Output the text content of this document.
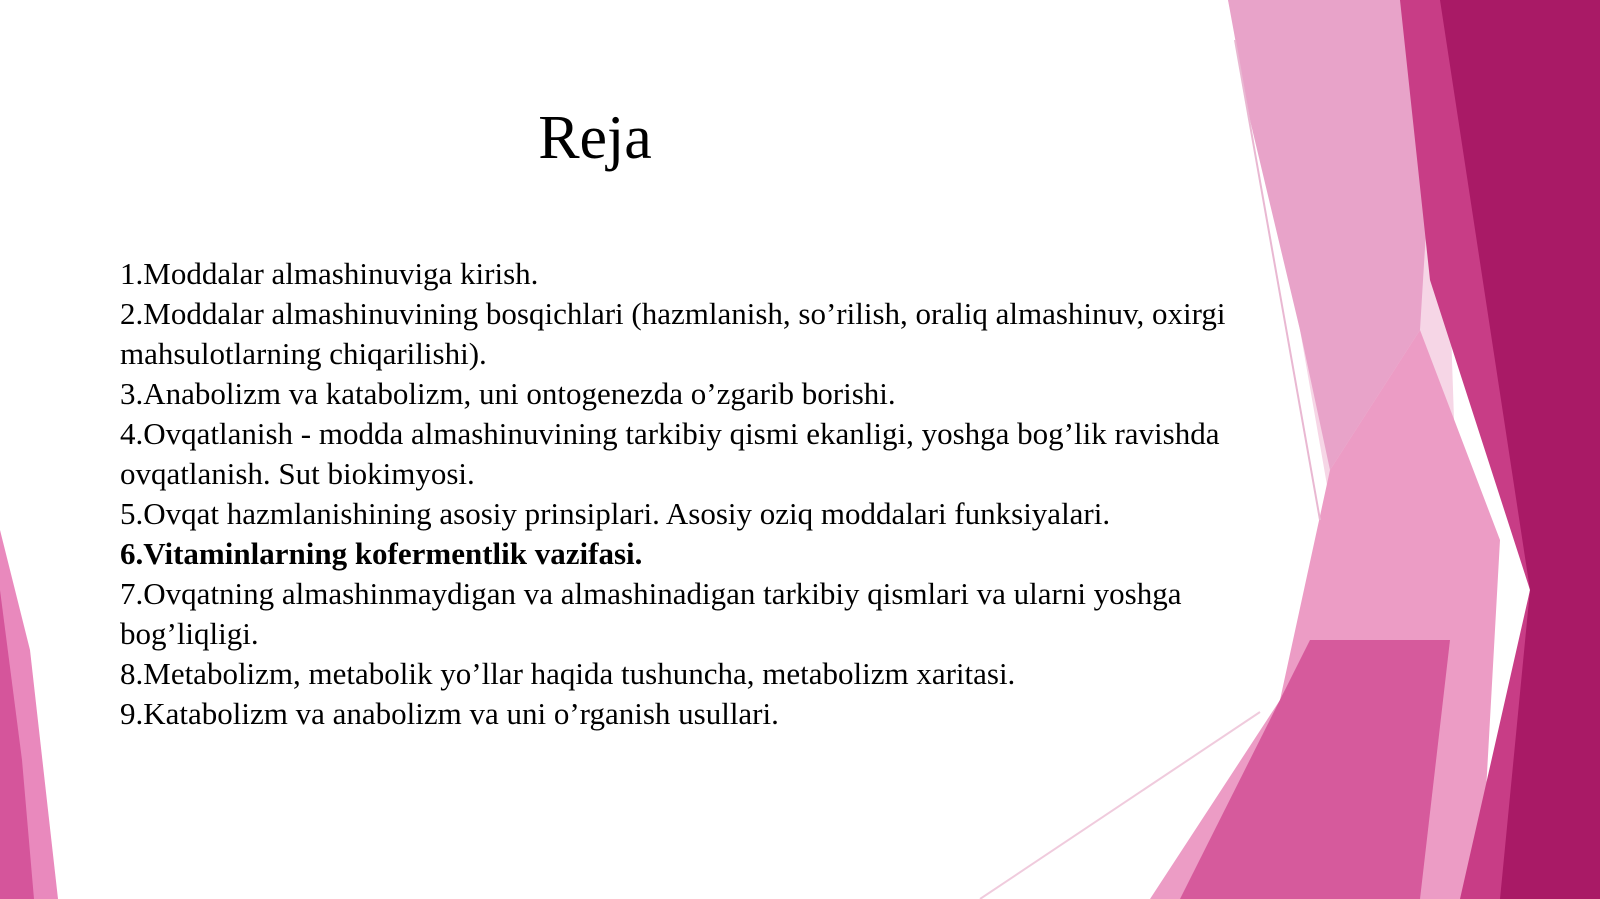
Reja
1.Moddalar almashinuviga kirish.
2.Moddalar almashinuvining bosqichlari (hazmlanish, so’rilish, oraliq almashinuv, oxirgi mahsulotlarning chiqarilishi).
3.Anabolizm va katabolizm, uni ontogenezda o’zgarib borishi.
4.Ovqatlanish - modda almashinuvining tarkibiy qismi ekanligi, yoshga bog’lik ravishda ovqatlanish. Sut biokimyosi.
5.Ovqat hazmlanishining asosiy prinsiplari. Asosiy oziq moddalari funksiyalari.
6.Vitaminlarning kofermentlik vazifasi.
7.Ovqatning almashinmaydigan va almashinadigan tarkibiy qismlari va ularni yoshga bog’liqligi.
8.Metabolizm, metabolik yo’llar haqida tushuncha, metabolizm xaritasi.
9.Katabolizm va anabolizm va uni o’rganish usullari.
